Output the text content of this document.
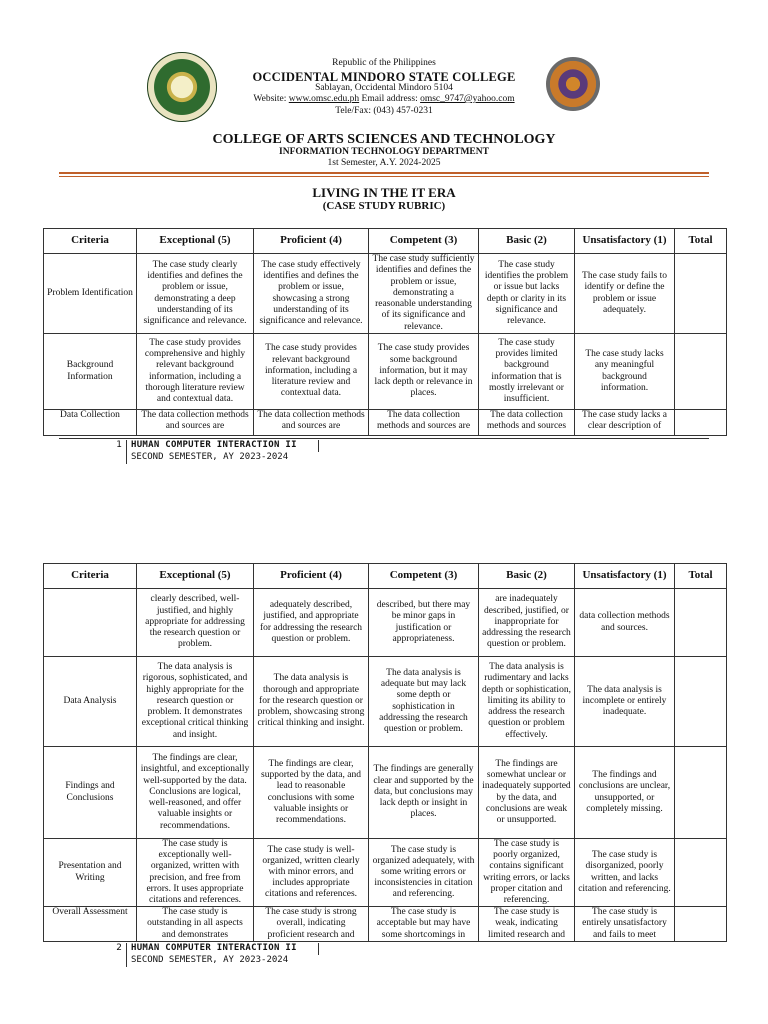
Republic of the Philippines
OCCIDENTAL MINDORO STATE COLLEGE
Sablayan, Occidental Mindoro 5104
Website: www.omsc.edu.ph Email address: omsc_9747@yahoo.com
Tele/Fax: (043) 457-0231
COLLEGE OF ARTS SCIENCES AND TECHNOLOGY
INFORMATION TECHNOLOGY DEPARTMENT
1st Semester, A.Y. 2024-2025
LIVING IN THE IT ERA
(CASE STUDY RUBRIC)
Criteria	Exceptional (5)	Proficient (4)	Competent (3)	Basic (2)	Unsatisfactory (1)	Total
Problem Identification	The case study clearly identifies and defines the problem or issue, demonstrating a deep understanding of its significance and relevance.	The case study effectively identifies and defines the problem or issue, showcasing a strong understanding of its significance and relevance.	The case study sufficiently identifies and defines the problem or issue, demonstrating a reasonable understanding of its significance and relevance.	The case study identifies the problem or issue but lacks depth or clarity in its significance and relevance.	The case study fails to identify or define the problem or issue adequately.	
Background Information	The case study provides comprehensive and highly relevant background information, including a thorough literature review and contextual data.	The case study provides relevant background information, including a literature review and contextual data.	The case study provides some background information, but it may lack depth or relevance in places.	The case study provides limited background information that is mostly irrelevant or insufficient.	The case study lacks any meaningful background information.	
Data Collection	The data collection methods and sources are	The data collection methods and sources are	The data collection methods and sources are	The data collection methods and sources	The case study lacks a clear description of	
1 HUMAN COMPUTER INTERACTION II
SECOND SEMESTER, AY 2023-2024
Criteria	Exceptional (5)	Proficient (4)	Competent (3)	Basic (2)	Unsatisfactory (1)	Total
	clearly described, well-justified, and highly appropriate for addressing the research question or problem.	adequately described, justified, and appropriate for addressing the research question or problem.	described, but there may be minor gaps in justification or appropriateness.	are inadequately described, justified, or inappropriate for addressing the research question or problem.	data collection methods and sources.	
Data Analysis	The data analysis is rigorous, sophisticated, and highly appropriate for the research question or problem. It demonstrates exceptional critical thinking and insight.	The data analysis is thorough and appropriate for the research question or problem, showcasing strong critical thinking and insight.	The data analysis is adequate but may lack some depth or sophistication in addressing the research question or problem.	The data analysis is rudimentary and lacks depth or sophistication, limiting its ability to address the research question or problem effectively.	The data analysis is incomplete or entirely inadequate.	
Findings and Conclusions	The findings are clear, insightful, and exceptionally well-supported by the data. Conclusions are logical, well-reasoned, and offer valuable insights or recommendations.	The findings are clear, supported by the data, and lead to reasonable conclusions with some valuable insights or recommendations.	The findings are generally clear and supported by the data, but conclusions may lack depth or insight in places.	The findings are somewhat unclear or inadequately supported by the data, and conclusions are weak or unsupported.	The findings and conclusions are unclear, unsupported, or completely missing.	
Presentation and Writing	The case study is exceptionally well-organized, written with precision, and free from errors. It uses appropriate citations and references.	The case study is well-organized, written clearly with minor errors, and includes appropriate citations and references.	The case study is organized adequately, with some writing errors or inconsistencies in citation and referencing.	The case study is poorly organized, contains significant writing errors, or lacks proper citation and referencing.	The case study is disorganized, poorly written, and lacks citation and referencing.	
Overall Assessment	The case study is outstanding in all aspects and demonstrates	The case study is strong overall, indicating proficient research and	The case study is acceptable but may have some shortcomings in	The case study is weak, indicating limited research and	The case study is entirely unsatisfactory and fails to meet	
2 HUMAN COMPUTER INTERACTION II
SECOND SEMESTER, AY 2023-2024
